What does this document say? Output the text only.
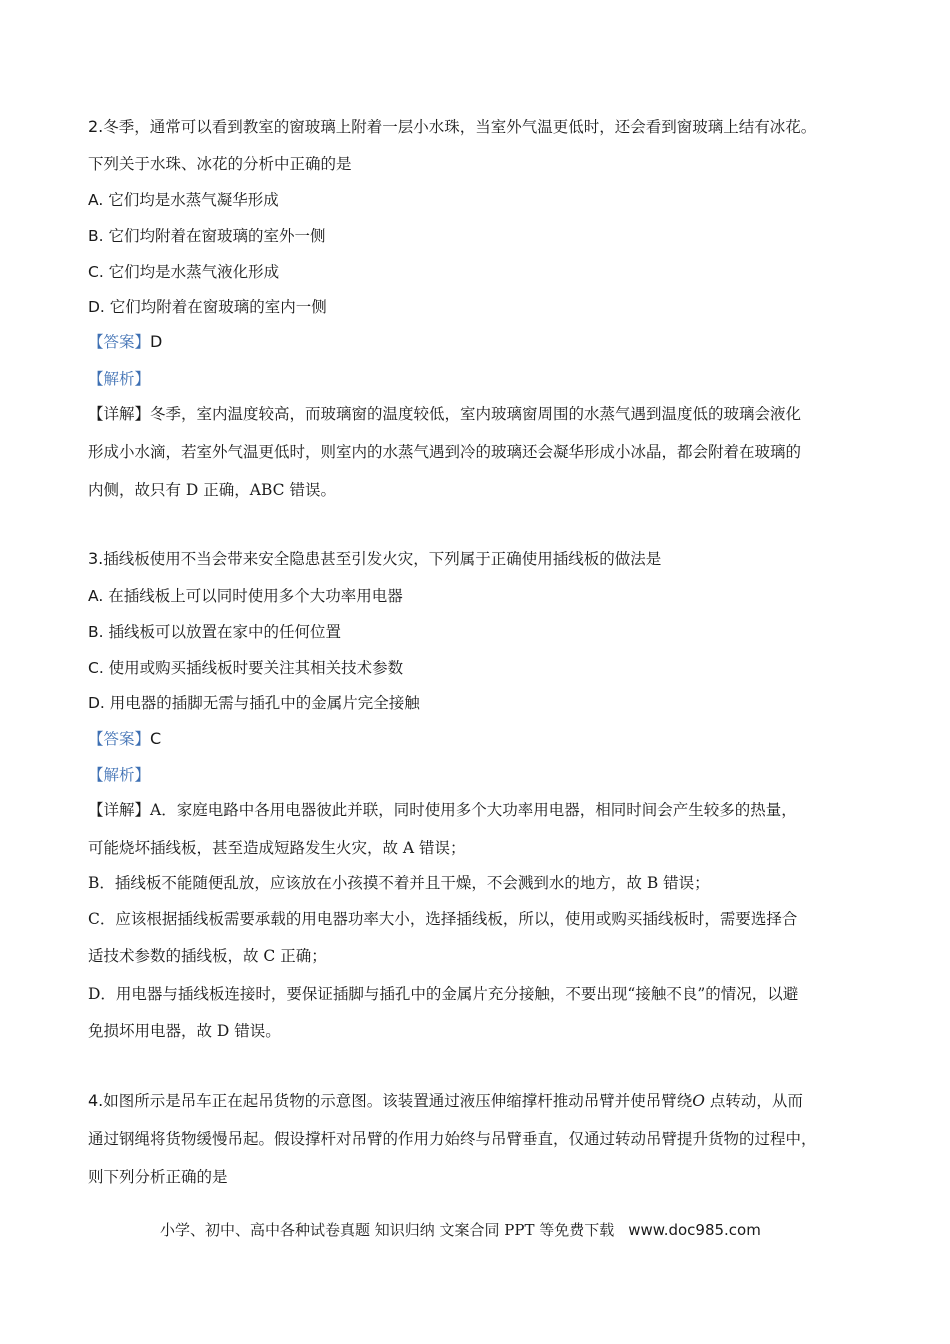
2.冬季，通常可以看到教室的窗玻璃上附着一层小水珠，当室外气温更低时，还会看到窗玻璃上结有冰花。
下列关于水珠、冰花的分析中正确的是
A. 它们均是水蒸气凝华形成
B. 它们均附着在窗玻璃的室外一侧
C. 它们均是水蒸气液化形成
D. 它们均附着在窗玻璃的室内一侧
【答案】D
【解析】
【详解】冬季，室内温度较高，而玻璃窗的温度较低，室内玻璃窗周围的水蒸气遇到温度低的玻璃会液化
形成小水滴，若室外气温更低时，则室内的水蒸气遇到冷的玻璃还会凝华形成小冰晶，都会附着在玻璃的
内侧，故只有 D 正确，ABC 错误。
3.插线板使用不当会带来安全隐患甚至引发火灾，下列属于正确使用插线板的做法是
A. 在插线板上可以同时使用多个大功率用电器
B. 插线板可以放置在家中的任何位置
C. 使用或购买插线板时要关注其相关技术参数
D. 用电器的插脚无需与插孔中的金属片完全接触
【答案】C
【解析】
【详解】A．家庭电路中各用电器彼此并联，同时使用多个大功率用电器，相同时间会产生较多的热量，
可能烧坏插线板，甚至造成短路发生火灾，故 A 错误；
B．插线板不能随便乱放，应该放在小孩摸不着并且干燥，不会溅到水的地方，故 B 错误；
C．应该根据插线板需要承载的用电器功率大小，选择插线板，所以，使用或购买插线板时，需要选择合
适技术参数的插线板，故 C 正确；
D．用电器与插线板连接时，要保证插脚与插孔中的金属片充分接触，不要出现“接触不良”的情况，以避
免损坏用电器，故 D 错误。
4.如图所示是吊车正在起吊货物的示意图。该装置通过液压伸缩撑杆推动吊臂并使吊臂绕O 点转动，从而
通过钢绳将货物缓慢吊起。假设撑杆对吊臂的作用力始终与吊臂垂直，仅通过转动吊臂提升货物的过程中，
则下列分析正确的是
小学、初中、高中各种试卷真题 知识归纳 文案合同 PPT 等免费下载 www.doc985.com
